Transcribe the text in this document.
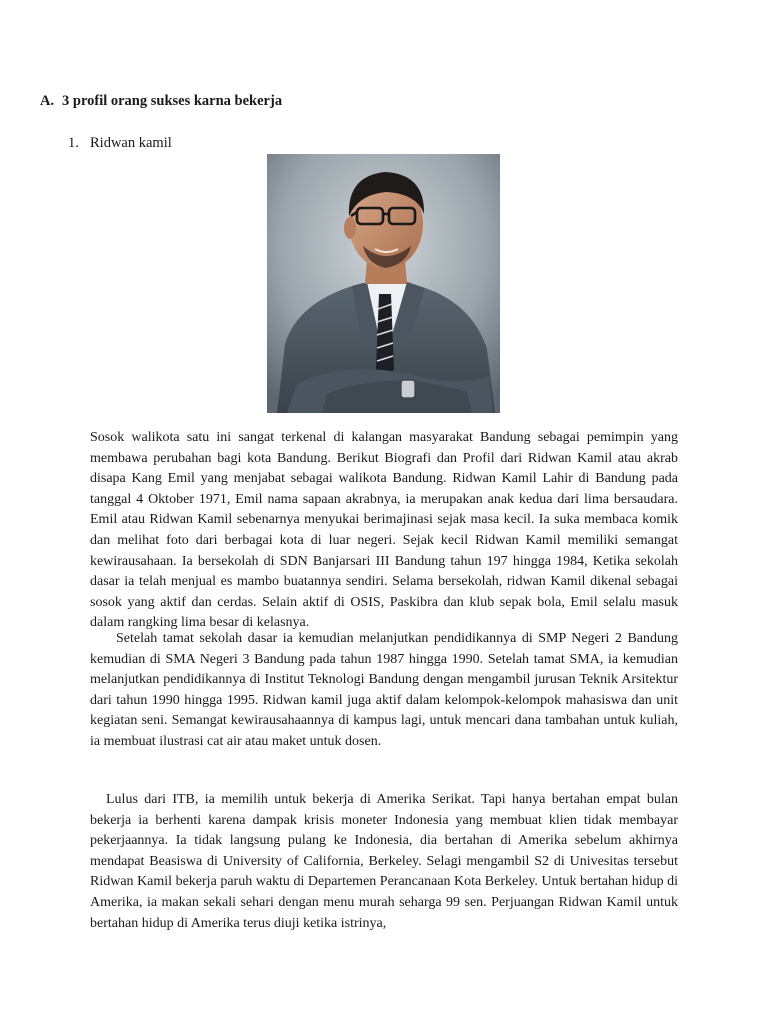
A. 3 profil orang sukses karna bekerja
1. Ridwan kamil

Sosok walikota satu ini sangat terkenal di kalangan masyarakat Bandung sebagai pemimpin yang membawa perubahan bagi kota Bandung. Berikut Biografi dan Profil dari Ridwan Kamil atau akrab disapa Kang Emil yang menjabat sebagai walikota Bandung. Ridwan Kamil Lahir di Bandung pada tanggal 4 Oktober 1971, Emil nama sapaan akrabnya, ia merupakan anak kedua dari lima bersaudara. Emil atau Ridwan Kamil sebenarnya menyukai berimajinasi sejak masa kecil. Ia suka membaca komik dan melihat foto dari berbagai kota di luar negeri. Sejak kecil Ridwan Kamil memiliki semangat kewirausahaan. Ia bersekolah di SDN Banjarsari III Bandung tahun 197 hingga 1984, Ketika sekolah dasar ia telah menjual es mambo buatannya sendiri. Selama bersekolah, ridwan Kamil dikenal sebagai sosok yang aktif dan cerdas. Selain aktif di OSIS, Paskibra dan klub sepak bola, Emil selalu masuk dalam rangking lima besar di kelasnya.

Setelah tamat sekolah dasar ia kemudian melanjutkan pendidikannya di SMP Negeri 2 Bandung kemudian di SMA Negeri 3 Bandung pada tahun 1987 hingga 1990. Setelah tamat SMA, ia kemudian melanjutkan pendidikannya di Institut Teknologi Bandung dengan mengambil jurusan Teknik Arsitektur dari tahun 1990 hingga 1995. Ridwan kamil juga aktif dalam kelompok-kelompok mahasiswa dan unit kegiatan seni. Semangat kewirausahaannya di kampus lagi, untuk mencari dana tambahan untuk kuliah, ia membuat ilustrasi cat air atau maket untuk dosen.

Lulus dari ITB, ia memilih untuk bekerja di Amerika Serikat. Tapi hanya bertahan empat bulan bekerja ia berhenti karena dampak krisis moneter Indonesia yang membuat klien tidak membayar pekerjaannya. Ia tidak langsung pulang ke Indonesia, dia bertahan di Amerika sebelum akhirnya mendapat Beasiswa di University of California, Berkeley. Selagi mengambil S2 di Univesitas tersebut Ridwan Kamil bekerja paruh waktu di Departemen Perancanaan Kota Berkeley. Untuk bertahan hidup di Amerika, ia makan sekali sehari dengan menu murah seharga 99 sen. Perjuangan Ridwan Kamil untuk bertahan hidup di Amerika terus diuji ketika istrinya,
